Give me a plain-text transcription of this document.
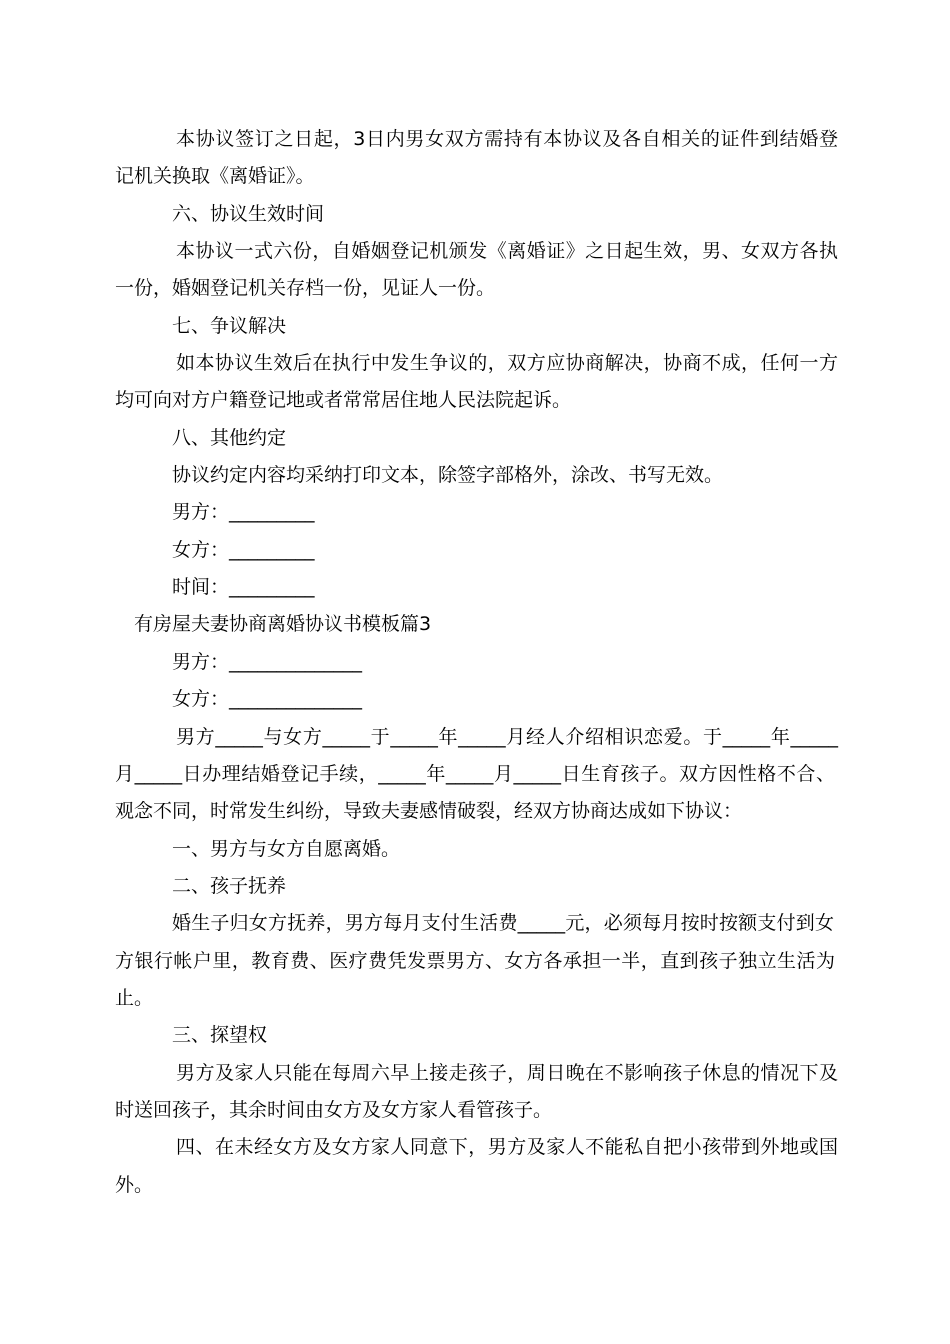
本协议签订之日起，3日内男女双方需持有本协议及各自相关的证件到结婚登
记机关换取《离婚证》。
六、协议生效时间
本协议一式六份，自婚姻登记机颁发《离婚证》之日起生效，男、女双方各执
一份，婚姻登记机关存档一份，见证人一份。
七、争议解决
如本协议生效后在执行中发生争议的，双方应协商解决，协商不成，任何一方
均可向对方户籍登记地或者常常居住地人民法院起诉。
八、其他约定
协议约定内容均采纳打印文本，除签字部格外，涂改、书写无效。
男方：_________
女方：_________
时间：_________
有房屋夫妻协商离婚协议书模板篇3
男方：______________
女方：______________
男方_____与女方_____于_____年_____月经人介绍相识恋爱。于_____年_____
月_____日办理结婚登记手续，_____年_____月_____日生育孩子。双方因性格不合、
观念不同，时常发生纠纷，导致夫妻感情破裂，经双方协商达成如下协议：
一、男方与女方自愿离婚。
二、孩子抚养
婚生子归女方抚养，男方每月支付生活费_____元，必须每月按时按额支付到女
方银行帐户里，教育费、医疗费凭发票男方、女方各承担一半，直到孩子独立生活为
止。
三、探望权
男方及家人只能在每周六早上接走孩子，周日晚在不影响孩子休息的情况下及
时送回孩子，其余时间由女方及女方家人看管孩子。
四、在未经女方及女方家人同意下，男方及家人不能私自把小孩带到外地或国
外。
